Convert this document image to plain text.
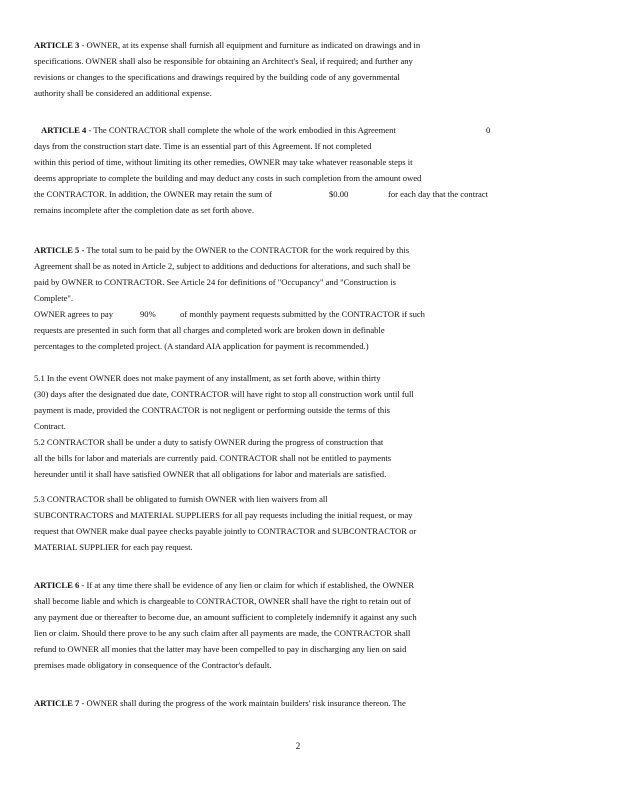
ARTICLE 3 - OWNER, at its expense shall furnish all equipment and furniture as indicated on drawings and in
specifications. OWNER shall also be responsible for obtaining an Architect's Seal, if required; and further any
revisions or changes to the specifications and drawings required by the building code of any governmental
authority shall be considered an additional expense.

ARTICLE 4 - The CONTRACTOR shall complete the whole of the work embodied in this Agreement	0

days from the construction start date. Time is an essential part of this Agreement. If not completed
within this period of time, without limiting its other remedies, OWNER may take whatever reasonable steps it
deems appropriate to complete the building and may deduct any costs in such completion from the amount owed

the CONTRACTOR. In addition, the OWNER may retain the sum of	$0.00	for each day that the contract

remains incomplete after the completion date as set forth above.

ARTICLE 5 - The total sum to be paid by the OWNER to the CONTRACTOR for the work required by this
Agreement shall be as noted in Article 2, subject to additions and deductions for alterations, and such shall be
paid by OWNER to CONTRACTOR. See Article 24 for definitions of "Occupancy" and "Construction is
Complete".

OWNER agrees to pay	90%	of monthly payment requests submitted by the CONTRACTOR if such

requests are presented in such form that all charges and completed work are broken down in definable
percentages to the completed project. (A standard AIA application for payment is recommended.)

5.1 In the event OWNER does not make payment of any installment, as set forth above, within thirty
(30) days after the designated due date, CONTRACTOR will have right to stop all construction work until full
payment is made, provided the CONTRACTOR is not negligent or performing outside the terms of this
Contract.

5.2 CONTRACTOR shall be under a duty to satisfy OWNER during the progress of construction that
all the bills for labor and materials are currently paid. CONTRACTOR shall not be entitled to payments
hereunder until it shall have satisfied OWNER that all obligations for labor and materials are satisfied.

5.3 CONTRACTOR shall be obligated to furnish OWNER with lien waivers from all
SUBCONTRACTORS and MATERIAL SUPPLIERS for all pay requests including the initial request, or may
request that OWNER make dual payee checks payable jointly to CONTRACTOR and SUBCONTRACTOR or
MATERIAL SUPPLIER for each pay request.

ARTICLE 6 - If at any time there shall be evidence of any lien or claim for which if established, the OWNER
shall become liable and which is chargeable to CONTRACTOR, OWNER shall have the right to retain out of
any payment due or thereafter to become due, an amount sufficient to completely indemnify it against any such
lien or claim. Should there prove to be any such claim after all payments are made, the CONTRACTOR shall
refund to OWNER all monies that the latter may have been compelled to pay in discharging any lien on said
premises made obligatory in consequence of the Contractor's default.

ARTICLE 7 - OWNER shall during the progress of the work maintain builders' risk insurance thereon. The

2
